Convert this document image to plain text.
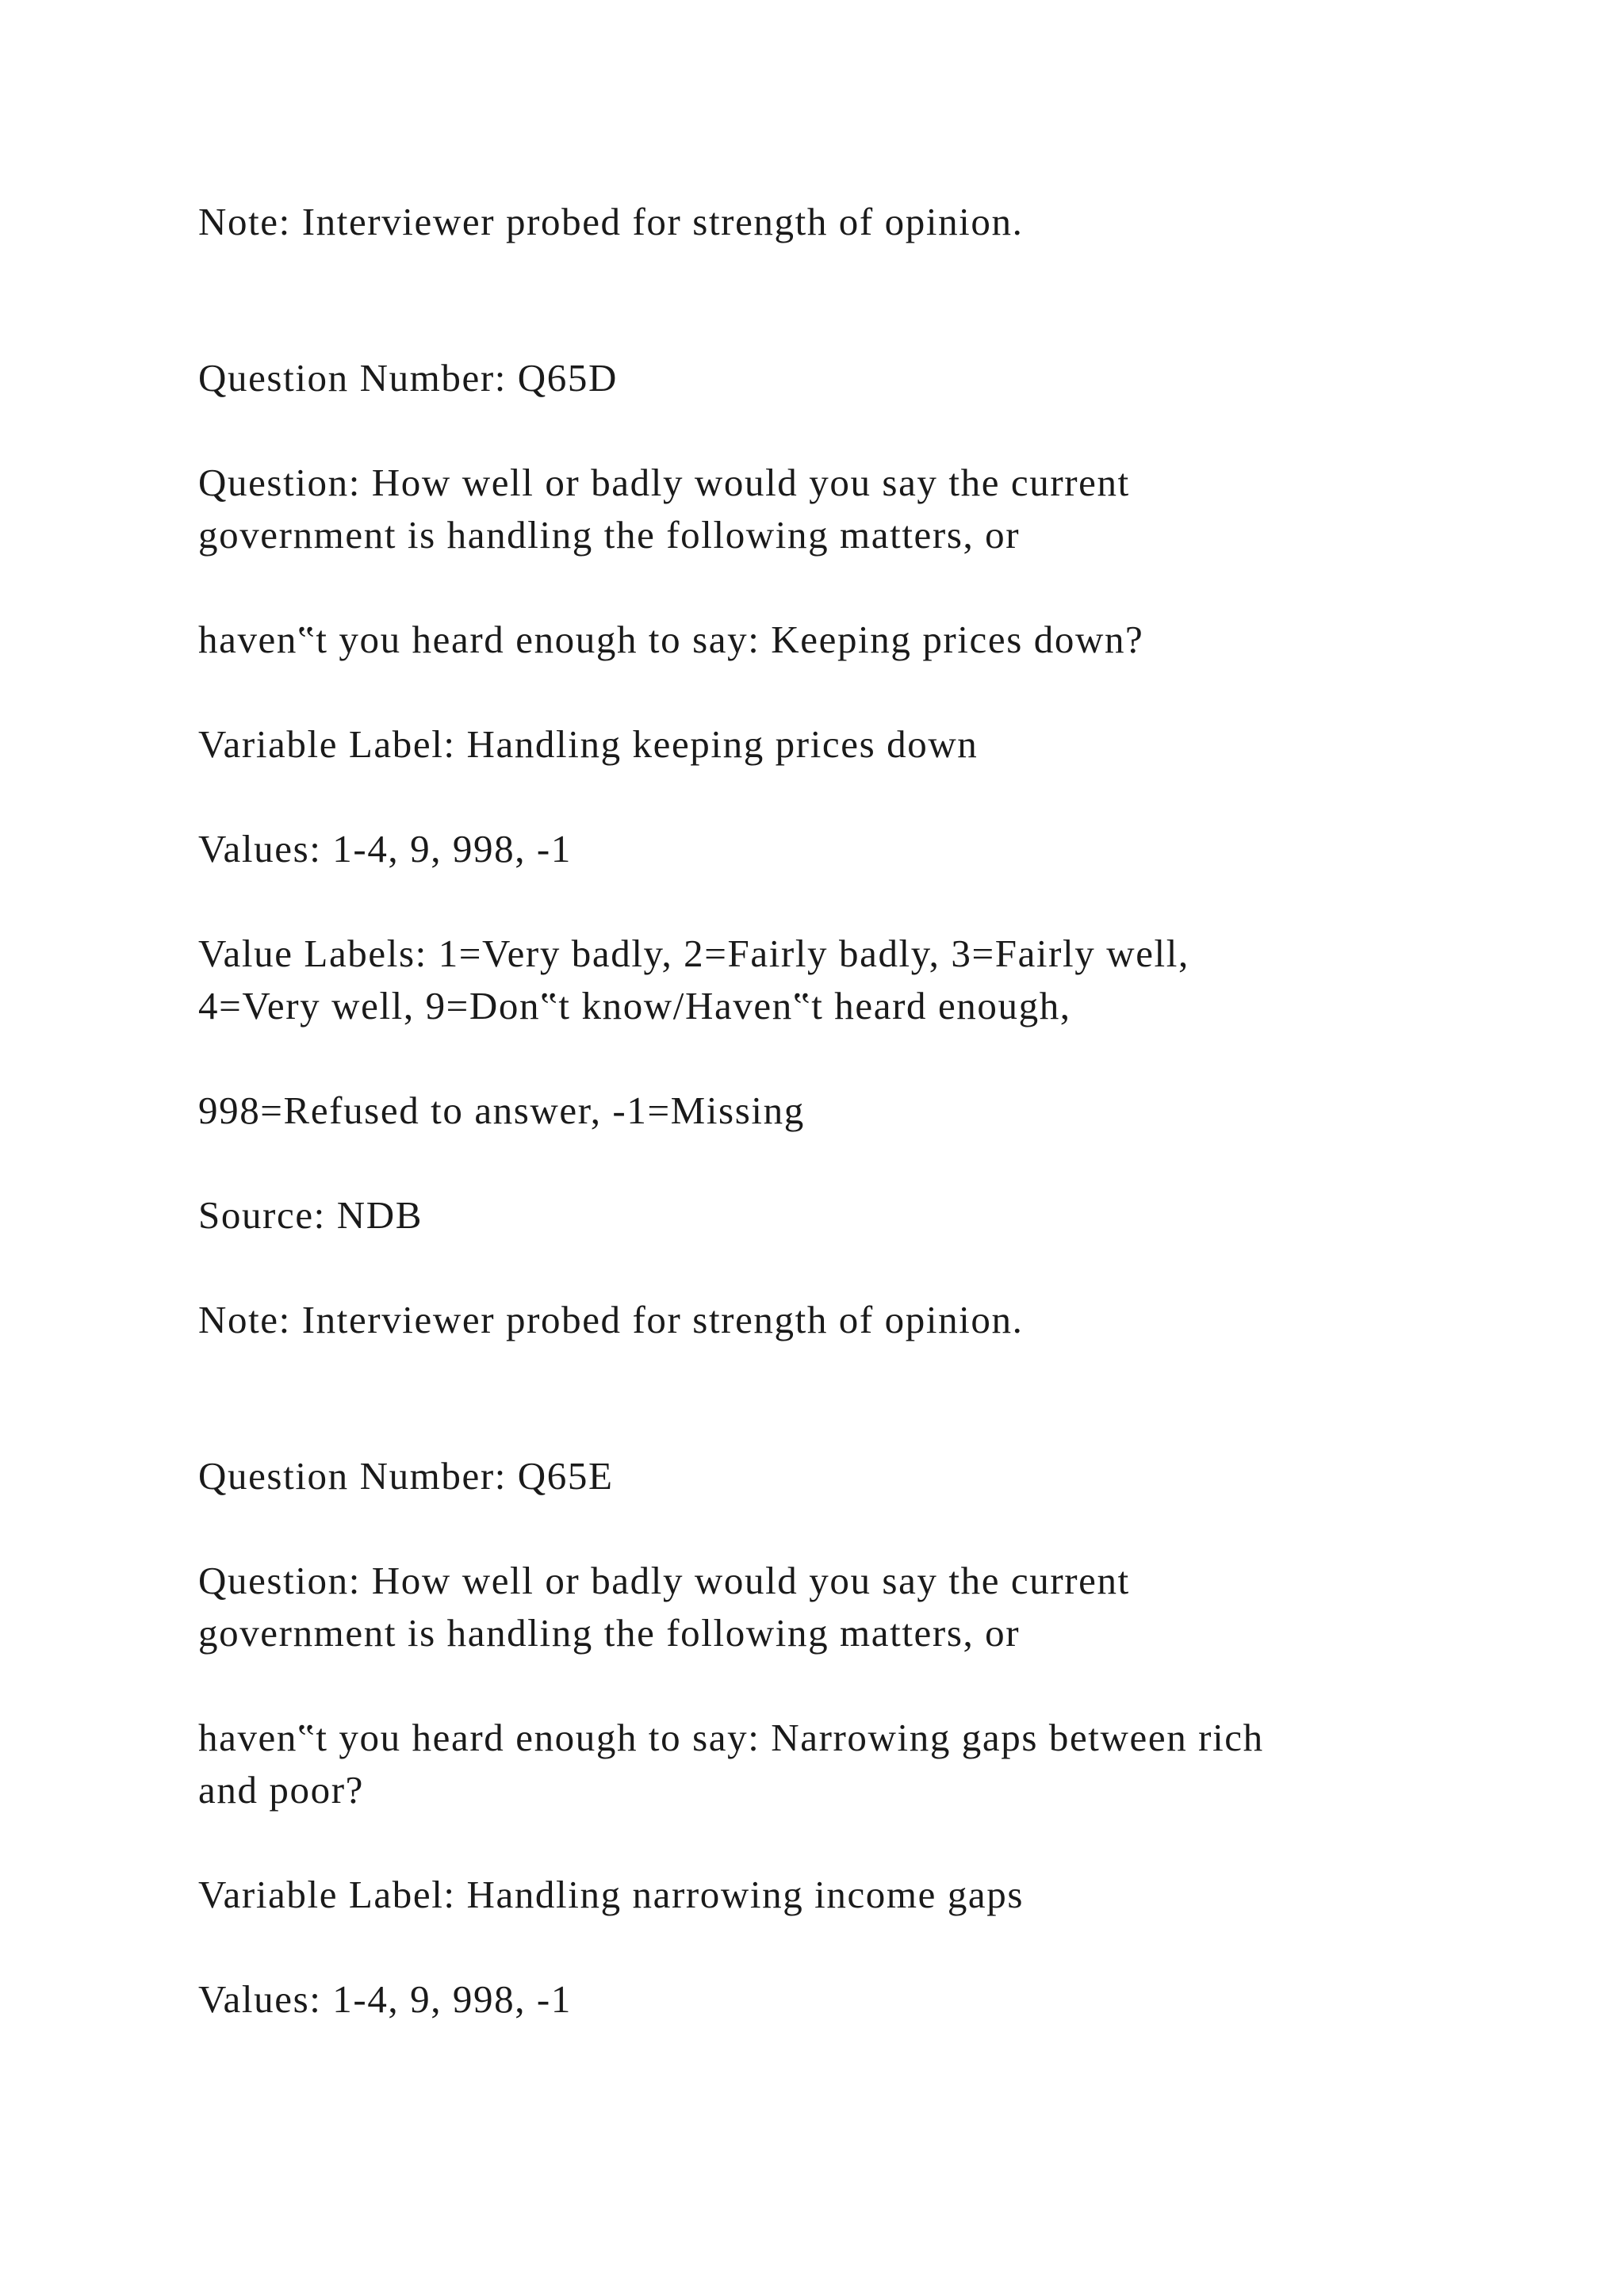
Note: Interviewer probed for strength of opinion.

Question Number: Q65D

Question: How well or badly would you say the current

government is handling the following matters, or

haven‟t you heard enough to say: Keeping prices down?

Variable Label: Handling keeping prices down

Values: 1-4, 9, 998, -1

Value Labels: 1=Very badly, 2=Fairly badly, 3=Fairly well,

4=Very well, 9=Don‟t know/Haven‟t heard enough,

998=Refused to answer, -1=Missing

Source: NDB

Note: Interviewer probed for strength of opinion.

Question Number: Q65E

Question: How well or badly would you say the current

government is handling the following matters, or

haven‟t you heard enough to say: Narrowing gaps between rich

and poor?

Variable Label: Handling narrowing income gaps

Values: 1-4, 9, 998, -1
